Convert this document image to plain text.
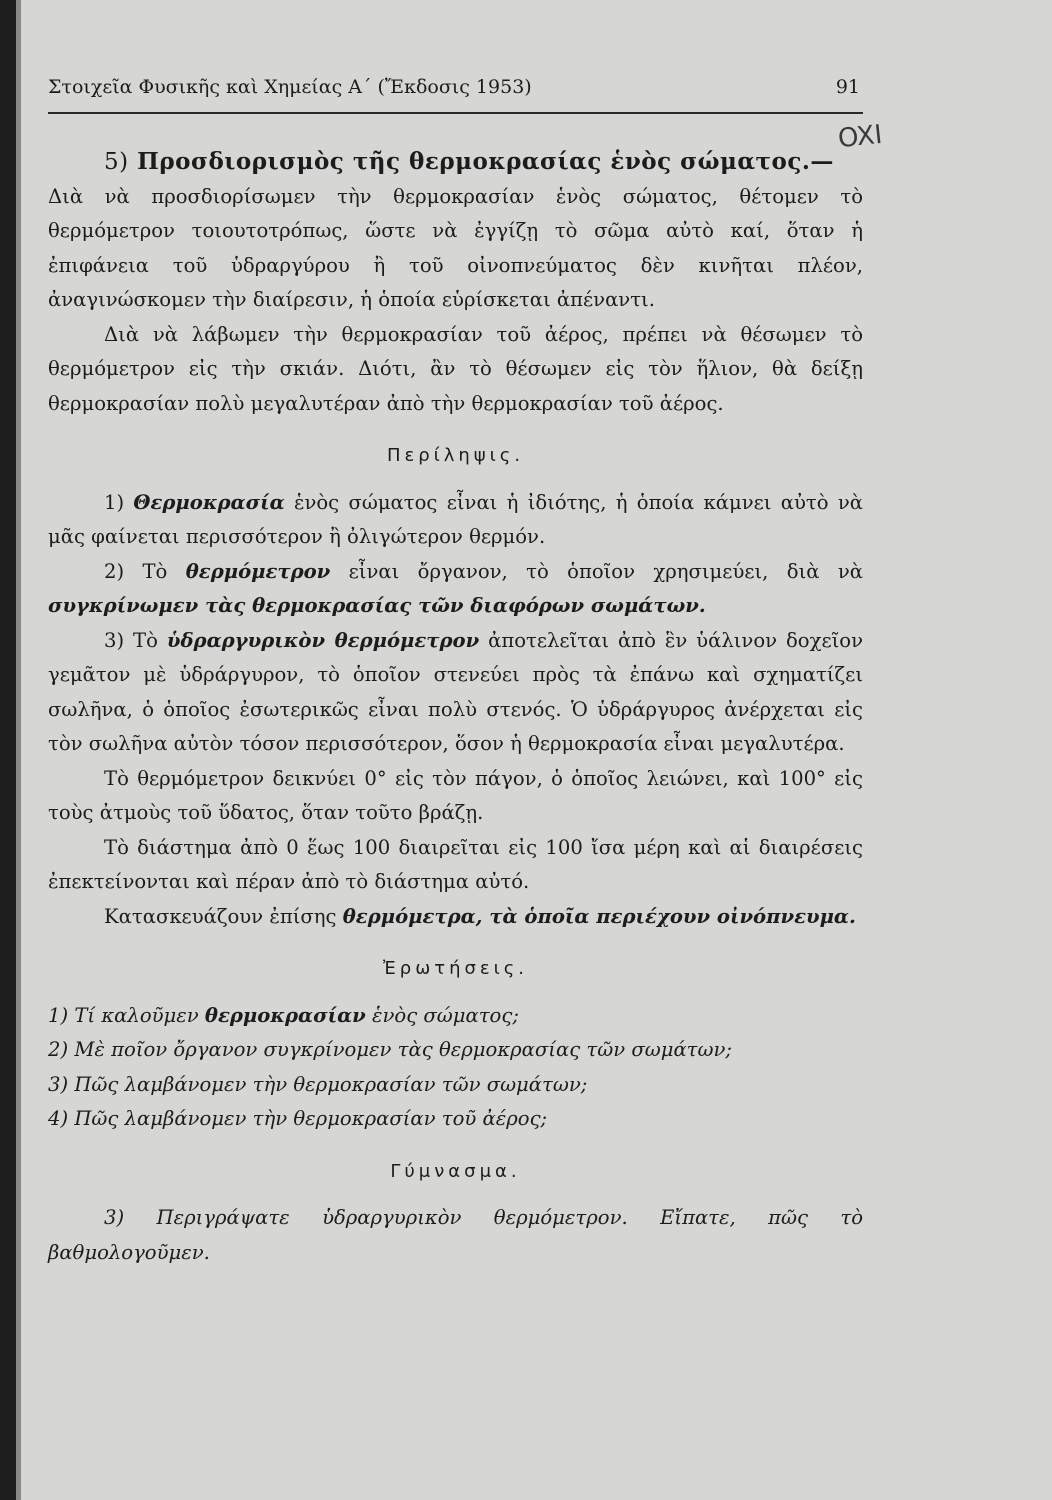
Στοιχεῖα Φυσικῆς καὶ Χημείας Α΄ (Ἔκδοσις 1953)	91
OXI

5) Προσδιορισμὸς τῆς θερμοκρασίας ἑνὸς σώματος.—

Διὰ νὰ προσδιορίσωμεν τὴν θερμοκρασίαν ἑνὸς σώματος, θέτομεν τὸ θερμόμετρον τοιουτοτρόπως, ὥστε νὰ ἐγγίζῃ τὸ σῶμα αὐτὸ καί, ὅταν ἡ ἐπιφάνεια τοῦ ὑδραργύρου ἢ τοῦ οἰνοπνεύματος δὲν κινῆται πλέον, ἀναγινώσκομεν τὴν διαίρεσιν, ἡ ὁποία εὑρίσκεται ἀπέναντι.

Διὰ νὰ λάβωμεν τὴν θερμοκρασίαν τοῦ ἀέρος, πρέπει νὰ θέσωμεν τὸ θερμόμετρον εἰς τὴν σκιάν. Διότι, ἂν τὸ θέσωμεν εἰς τὸν ἥλιον, θὰ δείξῃ θερμοκρασίαν πολὺ μεγαλυτέραν ἀπὸ τὴν θερμοκρασίαν τοῦ ἀέρος.

Περίληψις.

1) Θερμοκρασία ἑνὸς σώματος εἶναι ἡ ἰδιότης, ἡ ὁποία κάμνει αὐτὸ νὰ μᾶς φαίνεται περισσότερον ἢ ὀλιγώτερον θερμόν.

2) Τὸ θερμόμετρον εἶναι ὄργανον, τὸ ὁποῖον χρησιμεύει, διὰ νὰ συγκρίνωμεν τὰς θερμοκρασίας τῶν διαφόρων σωμάτων.

3) Τὸ ὑδραργυρικὸν θερμόμετρον ἀποτελεῖται ἀπὸ ἓν ὑάλινον δοχεῖον γεμᾶτον μὲ ὑδράργυρον, τὸ ὁποῖον στενεύει πρὸς τὰ ἐπάνω καὶ σχηματίζει σωλῆνα, ὁ ὁποῖος ἐσωτερικῶς εἶναι πολὺ στενός. Ὁ ὑδράργυρος ἀνέρχεται εἰς τὸν σωλῆνα αὐτὸν τόσον περισσότερον, ὅσον ἡ θερμοκρασία εἶναι μεγαλυτέρα.

Τὸ θερμόμετρον δεικνύει 0° εἰς τὸν πάγον, ὁ ὁποῖος λειώνει, καὶ 100° εἰς τοὺς ἀτμοὺς τοῦ ὕδατος, ὅταν τοῦτο βράζῃ.

Τὸ διάστημα ἀπὸ 0 ἕως 100 διαιρεῖται εἰς 100 ἴσα μέρη καὶ αἱ διαιρέσεις ἐπεκτείνονται καὶ πέραν ἀπὸ τὸ διάστημα αὐτό.

Κατασκευάζουν ἐπίσης θερμόμετρα, τὰ ὁποῖα περιέχουν οἰνόπνευμα.

Ἐρωτήσεις.

1) Τί καλοῦμεν θερμοκρασίαν ἑνὸς σώματος;

2) Μὲ ποῖον ὄργανον συγκρίνομεν τὰς θερμοκρασίας τῶν σωμάτων;

3) Πῶς λαμβάνομεν τὴν θερμοκρασίαν τῶν σωμάτων;

4) Πῶς λαμβάνομεν τὴν θερμοκρασίαν τοῦ ἀέρος;

Γύμνασμα.

3) Περιγράψατε ὑδραργυρικὸν θερμόμετρον. Εἴπατε, πῶς τὸ βαθμολογοῦμεν.
